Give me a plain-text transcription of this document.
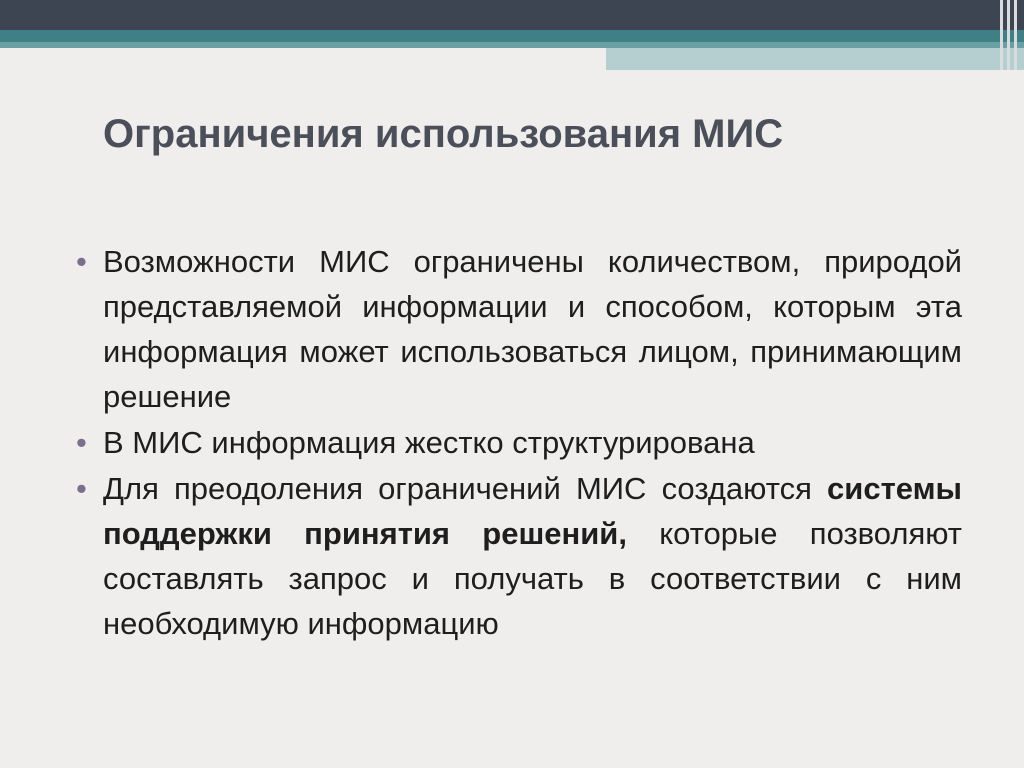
Ограничения использования МИС
• Возможности МИС ограничены количеством, природой представляемой информации и способом, которым эта информация может использоваться лицом, принимающим решение
• В МИС информация жестко структурирована
• Для преодоления ограничений МИС создаются системы поддержки принятия решений, которые позволяют составлять запрос и получать в соответствии с ним необходимую информацию
